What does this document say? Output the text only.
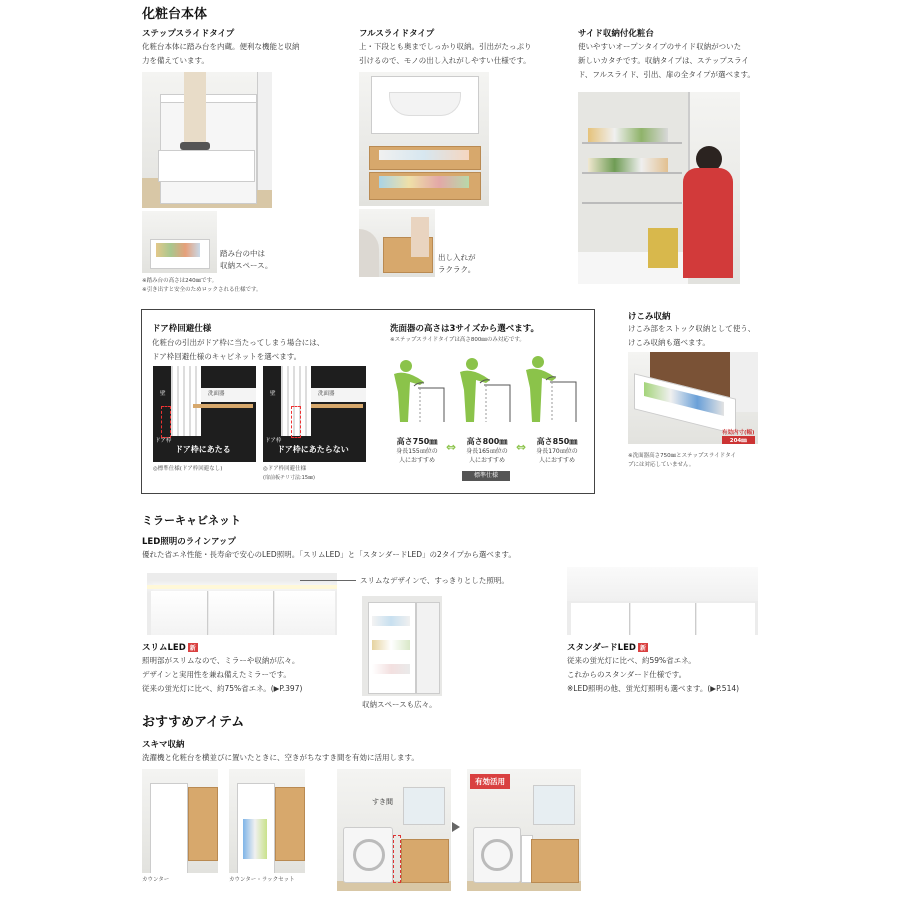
化粧台本体
ステップスライドタイプ
化粧台本体に踏み台を内蔵。便利な機能と収納
力を備えています。
踏み台の中は
収納スペース。
※踏み台の高さは240㎜です。
※引き出すと安全のためロックされる仕様です。
フルスライドタイプ
上・下段とも奥までしっかり収納。引出がたっぷり
引けるので、モノの出し入れがしやすい仕様です。
出し入れが
ラクラク。
サイド収納付化粧台
使いやすいオープンタイプのサイド収納がついた
新しいカタチです。収納タイプは、ステップスライ
ド、フルスライド、引出、扉の全タイプが選べます。
ドア枠回避仕様
化粧台の引出がドア枠に当たってしまう場合には、
ドア枠回避仕様のキャビネットを選べます。
洗面器
壁
ドア枠
ドア枠にあたる
洗面器
壁
ドア枠
ドア枠にあたらない
◎標準仕様(ドア枠回避なし)	◎ドア枠回避仕様
(扉前板チリ寸法:15㎜)
洗面器の高さは3サイズから選べます。
※ステップスライドタイプは高さ800㎜のみ対応です。
高さ750㎜
身長155㎝位の
人におすすめ
⇔	高さ800㎜
身長165㎝位の
人におすすめ
⇔	高さ850㎜
身長170㎝位の
人におすすめ
標準仕様
けこみ収納
けこみ部をストック収納として使う、
けこみ収納も選べます。
有効内寸(幅)
204㎜
※洗面器高さ750㎜とステップスライドタイ
プには対応していません。
ミラーキャビネット
LED照明のラインアップ
優れた省エネ性能・長寿命で安心のLED照明。「スリムLED」と「スタンダードLED」の2タイプから選べます。
スリムなデザインで、すっきりとした照明。
スリムLED 新
照明部がスリムなので、ミラーや収納が広々。
デザインと実用性を兼ね備えたミラーです。
従来の蛍光灯に比べ、約75%省エネ。(▶P.397)
収納スペースも広々。
スタンダードLED 新
従来の蛍光灯に比べ、約59%省エネ。
これからのスタンダード仕様です。
※LED照明の他、蛍光灯照明も選べます。(▶P.514)
おすすめアイテム
スキマ収納
洗濯機と化粧台を横並びに置いたときに、空きがちなすき間を有効に活用します。
カウンター	カウンター・ラックセット
すき間
有効活用
